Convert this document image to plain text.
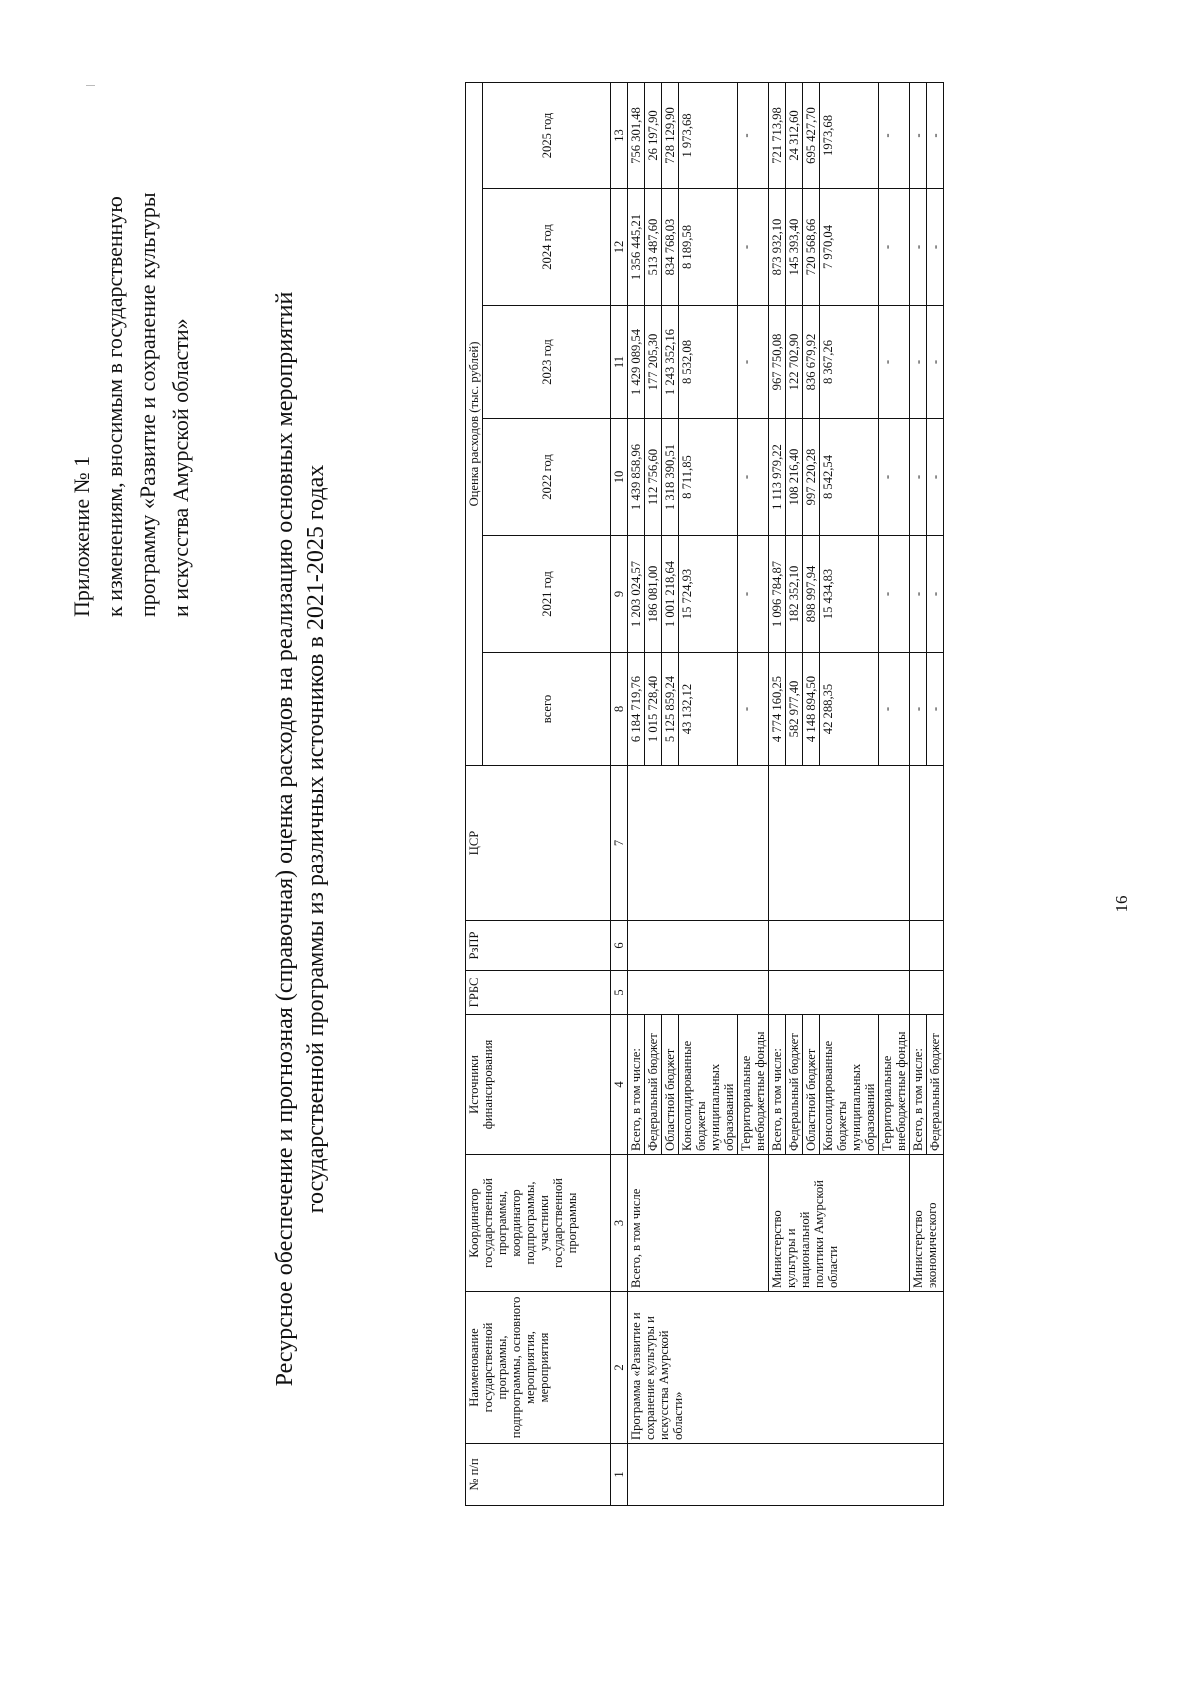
16
Приложение № 1 к изменениям, вносимым в государственную программу «Развитие и сохранение культуры и искусства Амурской области»	Ресурсное обеспечение и прогнозная (справочная) оценка расходов на реализацию основных мероприятий государственной программы из различных источников в 2021-2025 годах
№ п/п	Наименование государственной программы, подпрограммы, основного мероприятия, мероприятия	Координатор государственной программы, координатор подпрограммы, участники государственной программы	Источники финансирования	ГРБС	РзПР	ЦСР	Оценка расходов (тыс. рублей)					
							всего	2021 год	2022 год	2023 год	2024 год	2025 год
1	2	3	4	5	6	7	8	9	10	11	12	13
	Программа «Развитие и сохранение культуры и искусства Амурской области»	Всего, в том числе	Всего, в том числе:				6 184 719,76	1 203 024,57	1 439 858,96	1 429 089,54	1 356 445,21	756 301,48
			Федеральный бюджет				1 015 728,40	186 081,00	112 756,60	177 205,30	513 487,60	26 197,90
			Областной бюджет				5 125 859,24	1 001 218,64	1 318 390,51	1 243 352,16	834 768,03	728 129,90
			Консолидированные бюджеты муниципальных образований				43 132,12	15 724,93	8 711,85	8 532,08	8 189,58	1 973,68
			Территориальные внебюджетные фонды				-	-	-	-	-	-
		Министерство культуры и национальной политики Амурской области	Всего, в том числе:				4 774 160,25	1 096 784,87	1 113 979,22	967 750,08	873 932,10	721 713,98
			Федеральный бюджет				582 977,40	182 352,10	108 216,40	122 702,90	145 393,40	24 312,60
			Областной бюджет				4 148 894,50	898 997,94	997 220,28	836 679,92	720 568,66	695 427,70
			Консолидированные бюджеты муниципальных образований				42 288,35	15 434,83	8 542,54	8 367,26	7 970,04	1973,68
			Территориальные внебюджетные фонды				-	-	-	-	-	-
		Министерство экономического	Всего, в том числе:				-	-	-	-	-	-
			Федеральный бюджет				-	-	-	-	-	-
